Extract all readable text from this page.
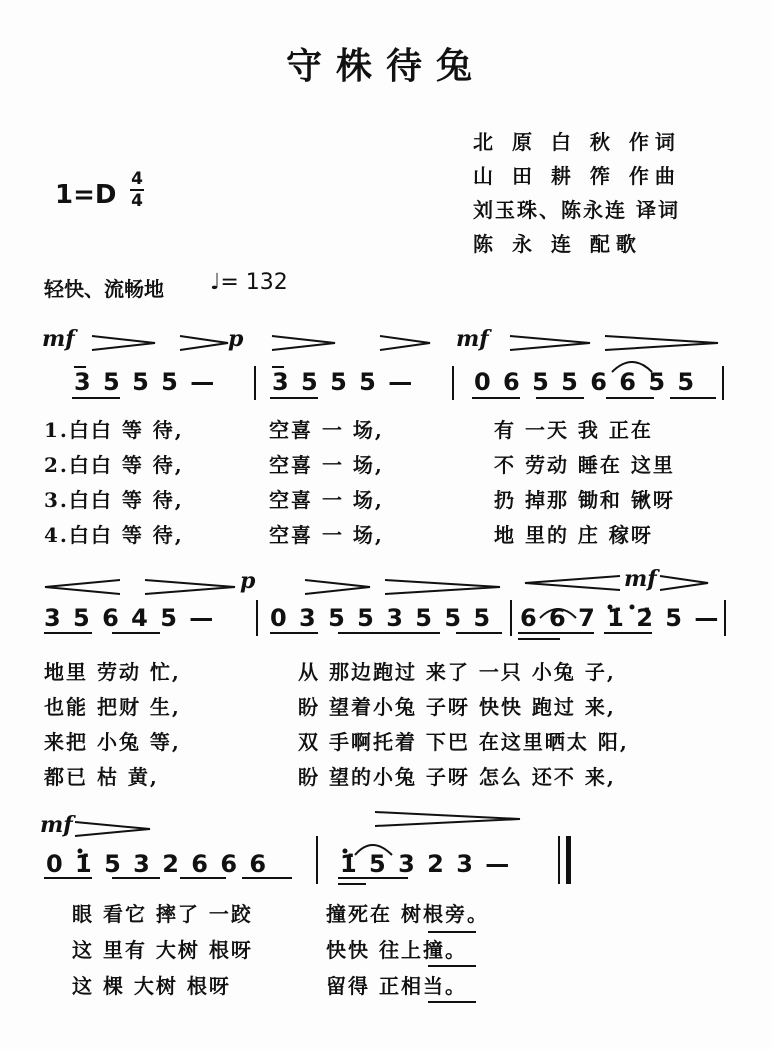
守株待兔
北 原 白 秋 作词
山 田 耕 筰 作曲
刘玉珠、陈永连 译词
陈 永 连 配歌
1=D
4
4
轻快、流畅地 ♩= 132
mf	p	mf
3 5 5 5 — 3 5 5 5 —	0 6 5 5 6 6 5 5
1.白白 等 待,	空喜 一 场,	有 一天 我 正在
2.白白 等 待,	空喜 一 场,	不 劳动 睡在 这里
3.白白 等 待,	空喜 一 场,	扔 掉那 锄和 锹呀
4.白白 等 待,	空喜 一 场,	地 里的 庄 稼呀
p	mf
3 5 6 4 5 — 0 3 5 5 3 5 5 5 6 6 7 1̇ 2̇ 5 —
地里 劳动 忙,	从 那边跑过 来了 一只 小兔 子,
也能 把财 生,	盼 望着小兔 子呀 快快 跑过 来,
来把 小兔 等,	双 手啊托着 下巴 在这里晒太 阳,
都已 枯 黄,	盼 望的小兔 子呀 怎么 还不 来,
mf
0 1̇ 5 3 2 6 6 6	1̇ 5 3 2 3 —
眼 看它 摔了 一跤	撞死在 树根旁。
这 里有 大树 根呀	快快 往上撞。
这 棵 大树 根呀	留得 正相当。
